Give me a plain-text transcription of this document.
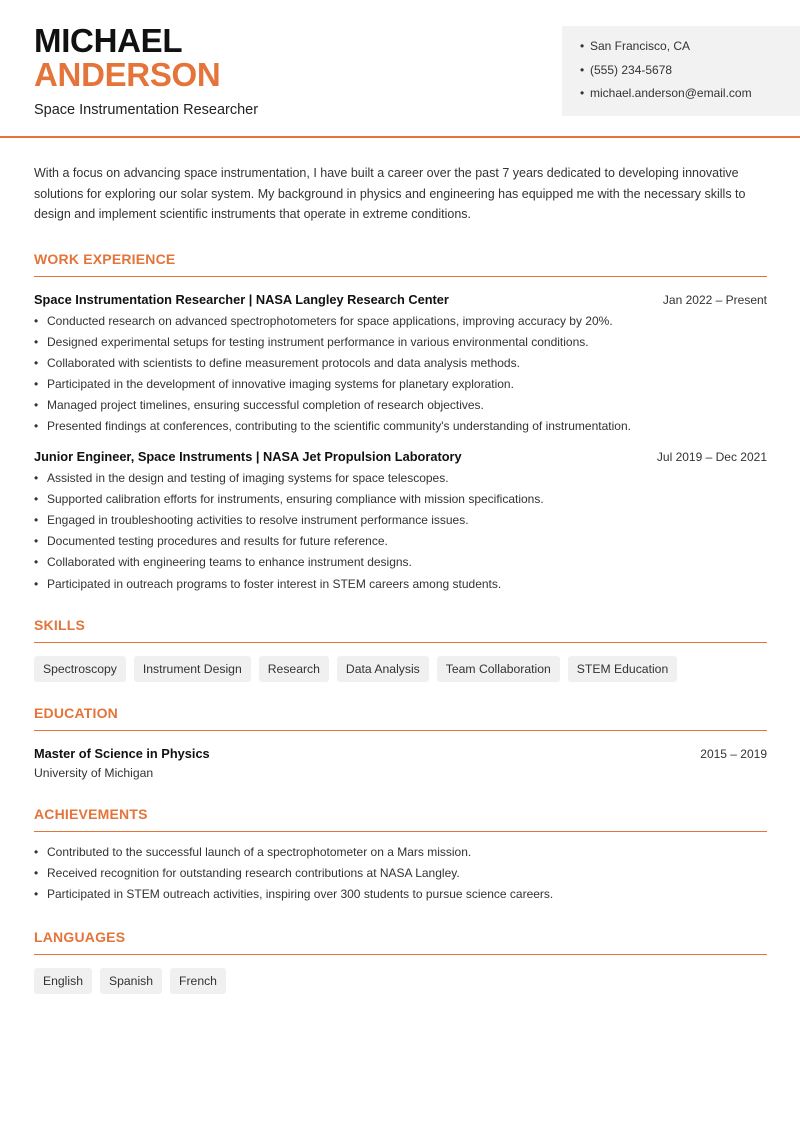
MICHAEL
ANDERSON
Space Instrumentation Researcher
• San Francisco, CA
• (555) 234-5678
• michael.anderson@email.com

With a focus on advancing space instrumentation, I have built a career over the past 7 years dedicated to developing innovative solutions for exploring our solar system. My background in physics and engineering has equipped me with the necessary skills to design and implement scientific instruments that operate in extreme conditions.

WORK EXPERIENCE
Space Instrumentation Researcher | NASA Langley Research Center	Jan 2022 – Present
• Conducted research on advanced spectrophotometers for space applications, improving accuracy by 20%.
• Designed experimental setups for testing instrument performance in various environmental conditions.
• Collaborated with scientists to define measurement protocols and data analysis methods.
• Participated in the development of innovative imaging systems for planetary exploration.
• Managed project timelines, ensuring successful completion of research objectives.
• Presented findings at conferences, contributing to the scientific community's understanding of instrumentation.
Junior Engineer, Space Instruments | NASA Jet Propulsion Laboratory	Jul 2019 – Dec 2021
• Assisted in the design and testing of imaging systems for space telescopes.
• Supported calibration efforts for instruments, ensuring compliance with mission specifications.
• Engaged in troubleshooting activities to resolve instrument performance issues.
• Documented testing procedures and results for future reference.
• Collaborated with engineering teams to enhance instrument designs.
• Participated in outreach programs to foster interest in STEM careers among students.
SKILLS
Spectroscopy	Instrument Design	Research	Data Analysis	Team Collaboration	STEM Education
EDUCATION
Master of Science in Physics	2015 – 2019
University of Michigan
ACHIEVEMENTS
• Contributed to the successful launch of a spectrophotometer on a Mars mission.
• Received recognition for outstanding research contributions at NASA Langley.
• Participated in STEM outreach activities, inspiring over 300 students to pursue science careers.
LANGUAGES
English	Spanish	French
